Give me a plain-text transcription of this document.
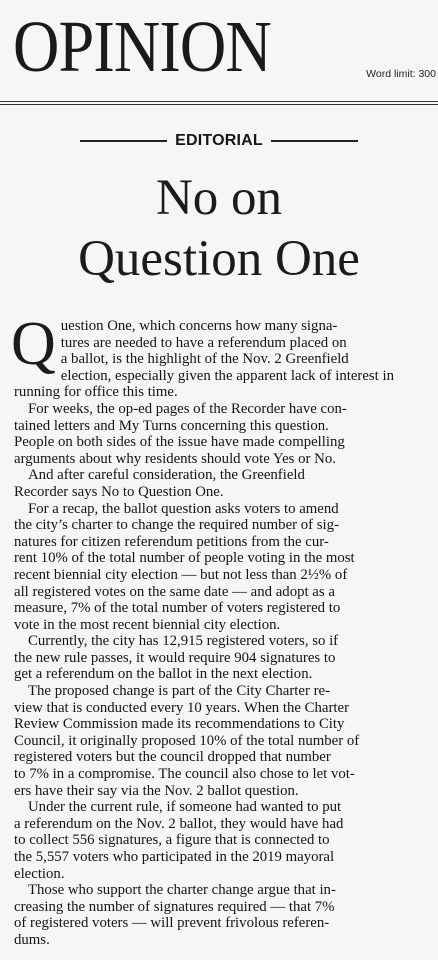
OPINION	Word limit: 300
EDITORIAL
No on
Question One

Q uestion One, which concerns how many signa-
tures are needed to have a referendum placed on
a ballot, is the highlight of the Nov. 2 Greenfield
election, especially given the apparent lack of interest in
running for office this time.

For weeks, the op-ed pages of the Recorder have con-
tained letters and My Turns concerning this question.
People on both sides of the issue have made compelling
arguments about why residents should vote Yes or No.

And after careful consideration, the Greenfield
Recorder says No to Question One.

For a recap, the ballot question asks voters to amend
the city’s charter to change the required number of sig-
natures for citizen referendum petitions from the cur-
rent 10% of the total number of people voting in the most
recent biennial city election — but not less than 2½% of
all registered votes on the same date — and adopt as a
measure, 7% of the total number of voters registered to
vote in the most recent biennial city election.

Currently, the city has 12,915 registered voters, so if
the new rule passes, it would require 904 signatures to
get a referendum on the ballot in the next election.

The proposed change is part of the City Charter re-
view that is conducted every 10 years. When the Charter
Review Commission made its recommendations to City
Council, it originally proposed 10% of the total number of
registered voters but the council dropped that number
to 7% in a compromise. The council also chose to let vot-
ers have their say via the Nov. 2 ballot question.

Under the current rule, if someone had wanted to put
a referendum on the Nov. 2 ballot, they would have had
to collect 556 signatures, a figure that is connected to
the 5,557 voters who participated in the 2019 mayoral
election.

Those who support the charter change argue that in-
creasing the number of signatures required — that 7%
of registered voters — will prevent frivolous referen-
dums.
